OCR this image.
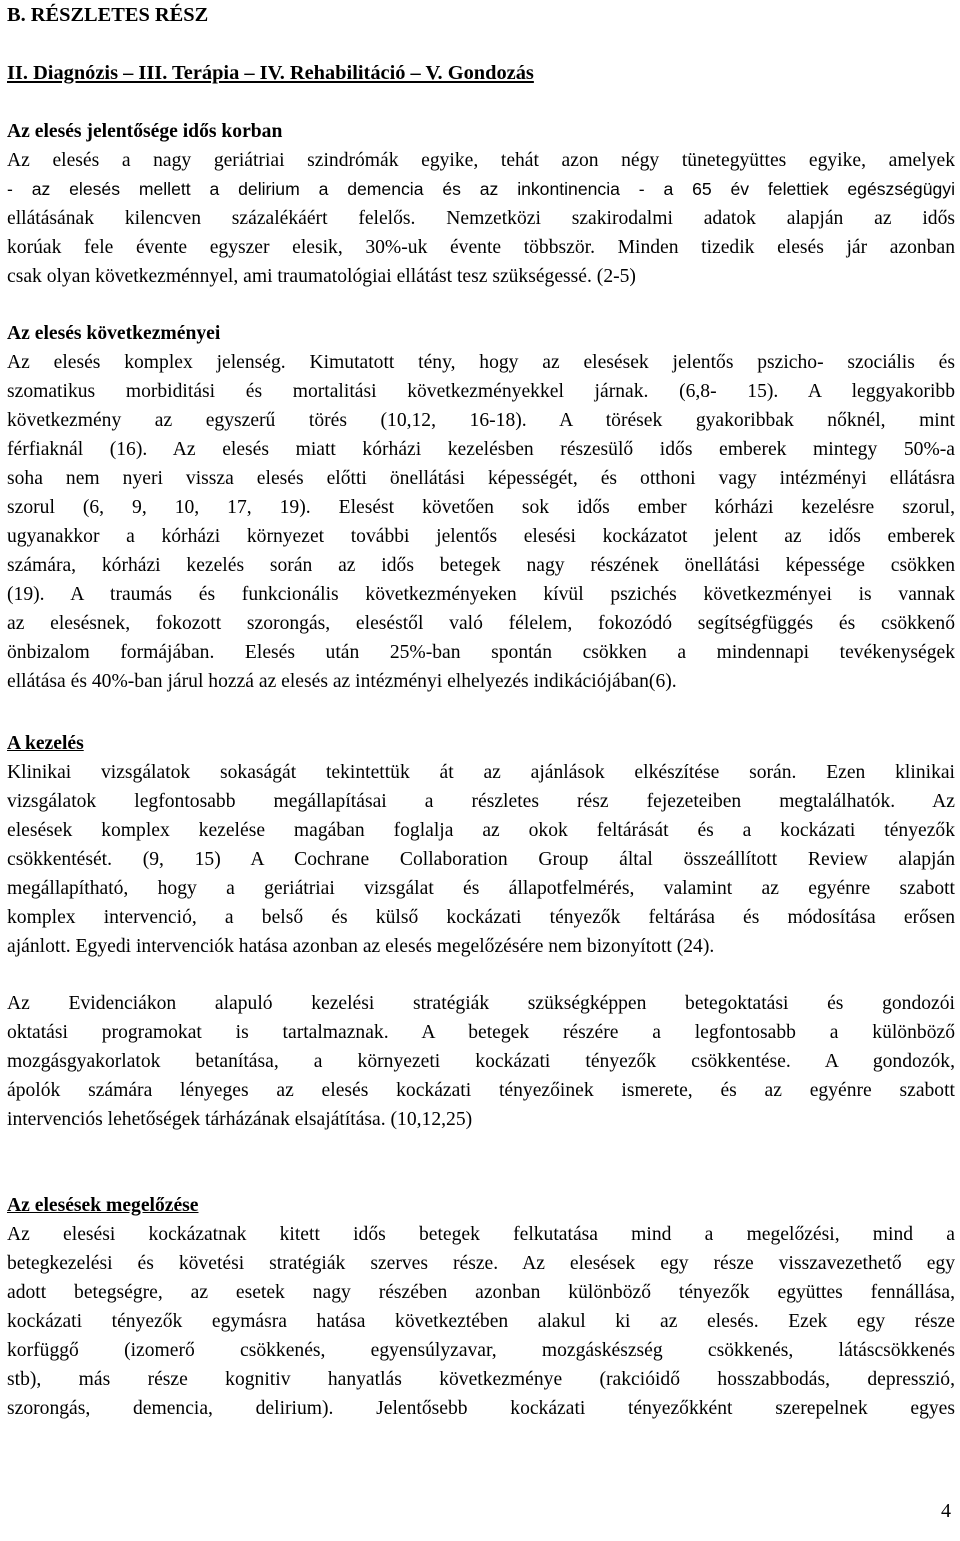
B. RÉSZLETES RÉSZ
II. Diagnózis – III. Terápia – IV. Rehabilitáció – V. Gondozás
Az elesés jelentősége idős korban
Az elesés a nagy geriátriai szindrómák egyike, tehát azon négy tünetegyüttes egyike, amelyek
- az elesés mellett a delirium a demencia és az inkontinencia - a 65 év felettiek egészségügyi
ellátásának kilencven százalékáért felelős. Nemzetközi szakirodalmi adatok alapján az idős
korúak fele évente egyszer elesik, 30%-uk évente többször. Minden tizedik elesés jár azonban
csak olyan következménnyel, ami traumatológiai ellátást tesz szükségessé. (2-5)
Az elesés következményei
Az elesés komplex jelenség. Kimutatott tény, hogy az elesések jelentős pszicho- szociális és
szomatikus morbiditási és mortalitási következményekkel járnak. (6,8- 15). A leggyakoribb
következmény az egyszerű törés (10,12, 16-18). A törések gyakoribbak nőknél, mint
férfiaknál (16). Az elesés miatt kórházi kezelésben részesülő idős emberek mintegy 50%-a
soha nem nyeri vissza elesés előtti önellátási képességét, és otthoni vagy intézményi ellátásra
szorul (6, 9, 10, 17, 19). Elesést követően sok idős ember kórházi kezelésre szorul,
ugyanakkor a kórházi környezet további jelentős elesési kockázatot jelent az idős emberek
számára, kórházi kezelés során az idős betegek nagy részének önellátási képessége csökken
(19). A traumás és funkcionális következményeken kívül pszichés következményei is vannak
az elesésnek, fokozott szorongás, eleséstől való félelem, fokozódó segítségfüggés és csökkenő
önbizalom formájában. Elesés után 25%-ban spontán csökken a mindennapi tevékenységek
ellátása és 40%-ban járul hozzá az elesés az intézményi elhelyezés indikációjában(6).
A kezelés
Klinikai vizsgálatok sokaságát tekintettük át az ajánlások elkészítése során. Ezen klinikai
vizsgálatok legfontosabb megállapításai a részletes rész fejezeteiben megtalálhatók. Az
elesések komplex kezelése magában foglalja az okok feltárását és a kockázati tényezők
csökkentését. (9, 15) A Cochrane Collaboration Group által összeállított Review alapján
megállapítható, hogy a geriátriai vizsgálat és állapotfelmérés, valamint az egyénre szabott
komplex intervenció, a belső és külső kockázati tényezők feltárása és módosítása erősen
ajánlott. Egyedi intervenciók hatása azonban az elesés megelőzésére nem bizonyított (24).
Az Evidenciákon alapuló kezelési stratégiák szükségképpen betegoktatási és gondozói
oktatási programokat is tartalmaznak. A betegek részére a legfontosabb a különböző
mozgásgyakorlatok betanítása, a környezeti kockázati tényezők csökkentése. A gondozók,
ápolók számára lényeges az elesés kockázati tényezőinek ismerete, és az egyénre szabott
intervenciós lehetőségek tárházának elsajátítása. (10,12,25)
Az elesések megelőzése
Az elesési kockázatnak kitett idős betegek felkutatása mind a megelőzési, mind a
betegkezelési és követési stratégiák szerves része. Az elesések egy része visszavezethető egy
adott betegségre, az esetek nagy részében azonban különböző tényezők együttes fennállása,
kockázati tényezők egymásra hatása következtében alakul ki az elesés. Ezek egy része
korfüggő (izomerő csökkenés, egyensúlyzavar, mozgáskészség csökkenés, látáscsökkenés
stb), más része kognitiv hanyatlás következménye (rakcióidő hosszabbodás, depresszió,
szorongás, demencia, delirium). Jelentősebb kockázati tényezőkként szerepelnek egyes
4
